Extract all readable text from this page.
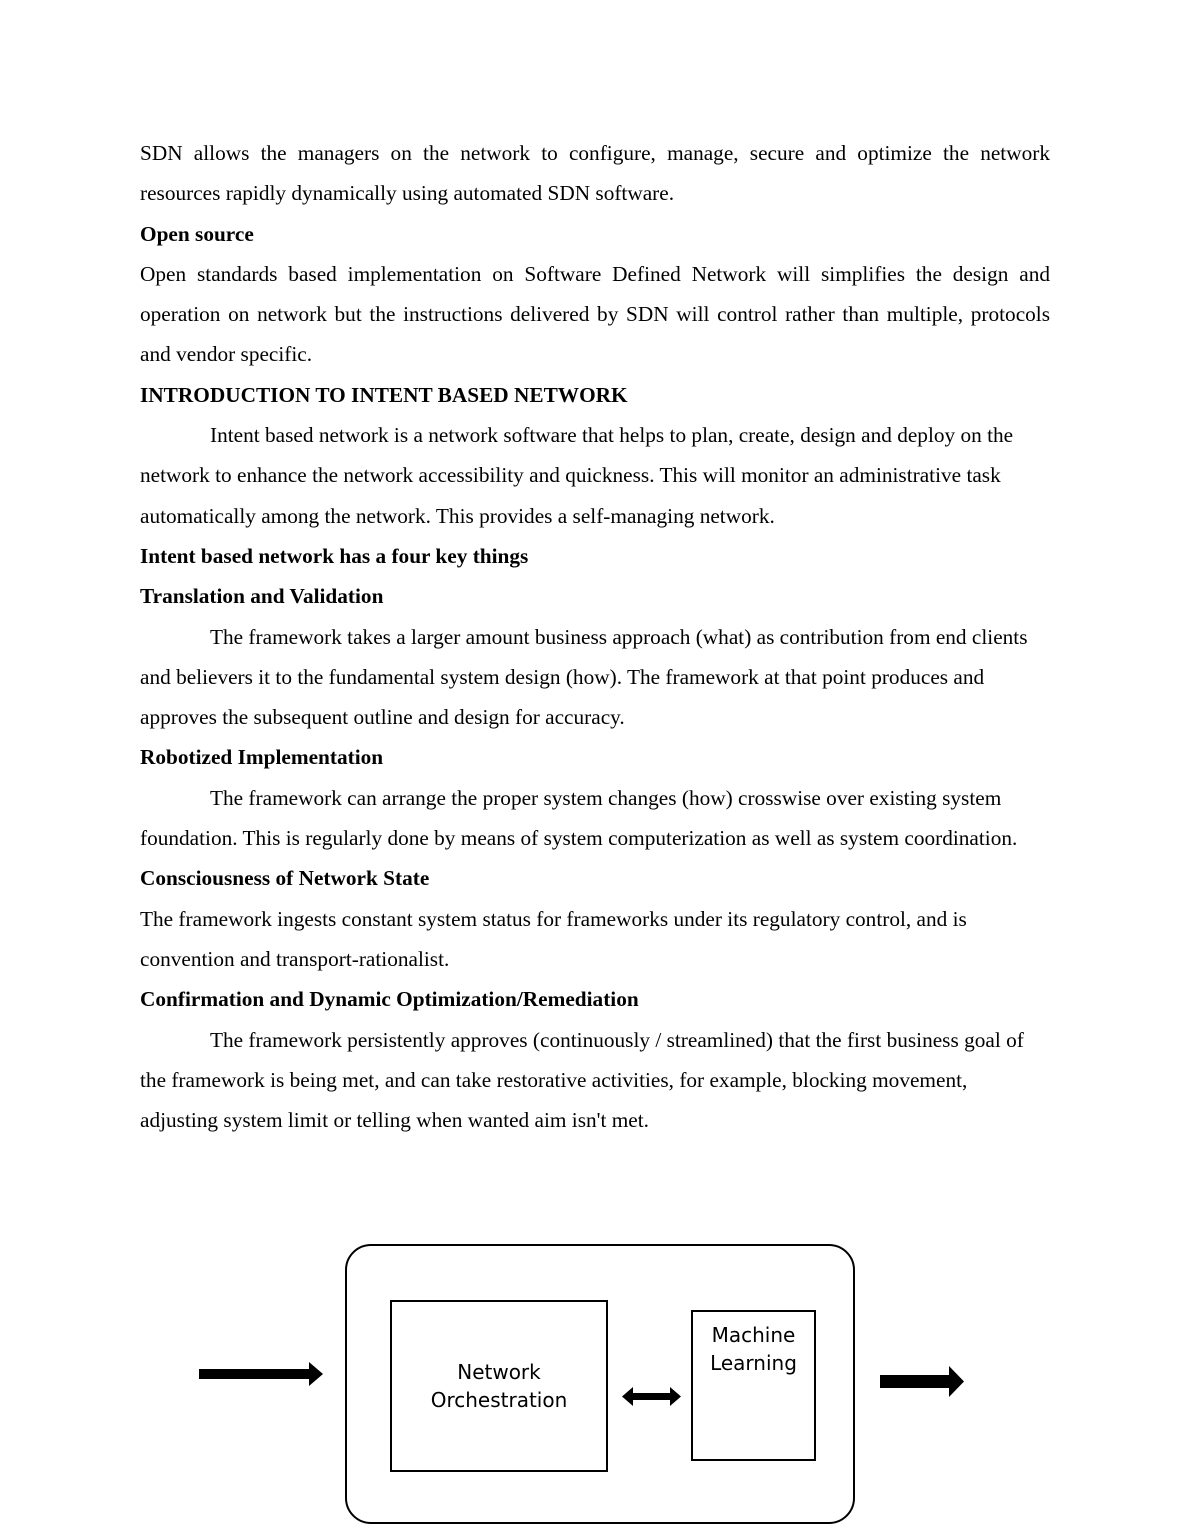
SDN allows the managers on the network to configure, manage, secure and optimize the network resources rapidly dynamically using automated SDN software.

Open source

Open standards based implementation on Software Defined Network will simplifies the design and operation on network but the instructions delivered by SDN will control rather than multiple, protocols and vendor specific.

INTRODUCTION TO INTENT BASED NETWORK

Intent based network is a network software that helps to plan, create, design and deploy on the network to enhance the network accessibility and quickness. This will monitor an administrative task automatically among the network. This provides a self-managing network.

Intent based network has a four key things

Translation and Validation

The framework takes a larger amount business approach (what) as contribution from end clients and believers it to the fundamental system design (how). The framework at that point produces and approves the subsequent outline and design for accuracy.

Robotized Implementation

The framework can arrange the proper system changes (how) crosswise over existing system foundation. This is regularly done by means of system computerization as well as system coordination.

Consciousness of Network State

The framework ingests constant system status for frameworks under its regulatory control, and is convention and transport-rationalist.

Confirmation and Dynamic Optimization/Remediation

The framework persistently approves (continuously / streamlined) that the first business goal of the framework is being met, and can take restorative activities, for example, blocking movement, adjusting system limit or telling when wanted aim isn't met.

Network
Orchestration
Machine
Learning
